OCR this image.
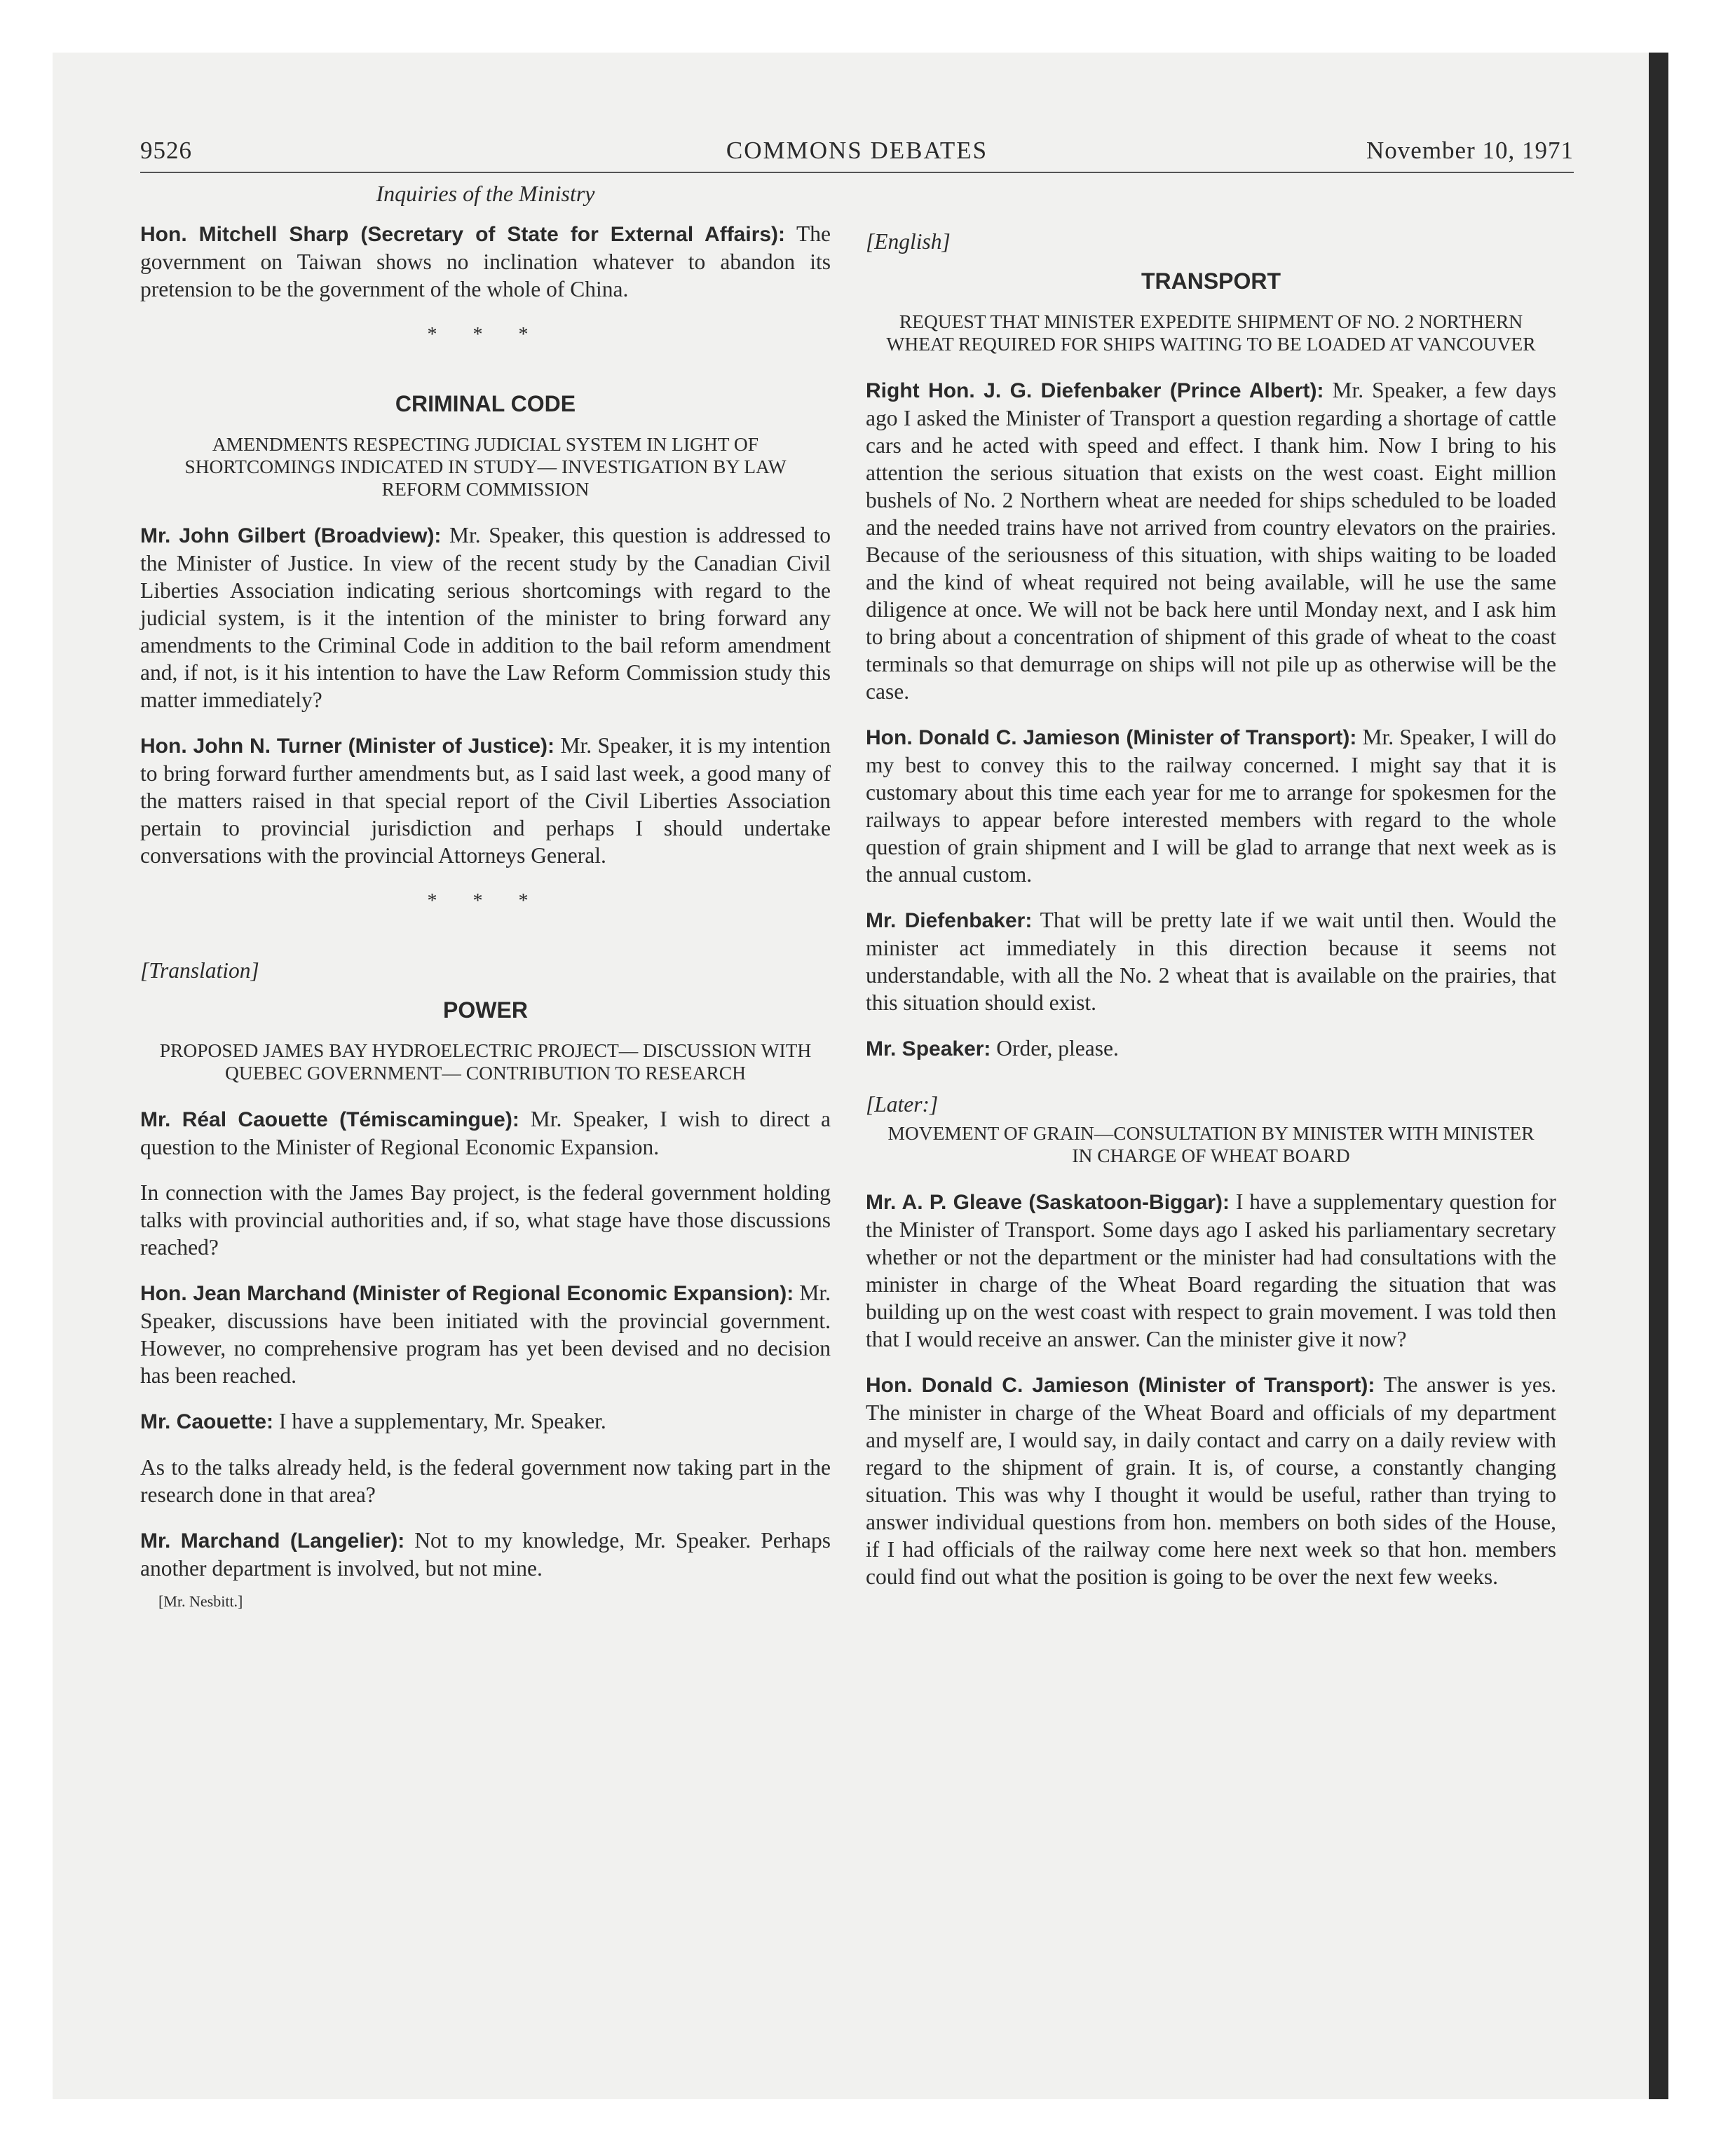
9526	COMMONS DEBATES	November 10, 1971
Inquiries of the Ministry

Hon. Mitchell Sharp (Secretary of State for External Affairs): The government on Taiwan shows no inclination whatever to abandon its pretension to be the government of the whole of China.

* * *
CRIMINAL CODE
AMENDMENTS RESPECTING JUDICIAL SYSTEM IN LIGHT OF SHORTCOMINGS INDICATED IN STUDY— INVESTIGATION BY LAW REFORM COMMISSION

Mr. John Gilbert (Broadview): Mr. Speaker, this question is addressed to the Minister of Justice. In view of the recent study by the Canadian Civil Liberties Association indicating serious shortcomings with regard to the judicial system, is it the intention of the minister to bring forward any amendments to the Criminal Code in addition to the bail reform amendment and, if not, is it his intention to have the Law Reform Commission study this matter immediately?

Hon. John N. Turner (Minister of Justice): Mr. Speaker, it is my intention to bring forward further amendments but, as I said last week, a good many of the matters raised in that special report of the Civil Liberties Association pertain to provincial jurisdiction and perhaps I should undertake conversations with the provincial Attorneys General.

* * *
[Translation]
POWER
PROPOSED JAMES BAY HYDROELECTRIC PROJECT— DISCUSSION WITH QUEBEC GOVERNMENT— CONTRIBUTION TO RESEARCH

Mr. Réal Caouette (Témiscamingue): Mr. Speaker, I wish to direct a question to the Minister of Regional Economic Expansion.

In connection with the James Bay project, is the federal government holding talks with provincial authorities and, if so, what stage have those discussions reached?

Hon. Jean Marchand (Minister of Regional Economic Expansion): Mr. Speaker, discussions have been initiated with the provincial government. However, no comprehensive program has yet been devised and no decision has been reached.

Mr. Caouette: I have a supplementary, Mr. Speaker.

As to the talks already held, is the federal government now taking part in the research done in that area?

Mr. Marchand (Langelier): Not to my knowledge, Mr. Speaker. Perhaps another department is involved, but not mine.

[Mr. Nesbitt.]
[English]
TRANSPORT
REQUEST THAT MINISTER EXPEDITE SHIPMENT OF NO. 2 NORTHERN WHEAT REQUIRED FOR SHIPS WAITING TO BE LOADED AT VANCOUVER

Right Hon. J. G. Diefenbaker (Prince Albert): Mr. Speaker, a few days ago I asked the Minister of Transport a question regarding a shortage of cattle cars and he acted with speed and effect. I thank him. Now I bring to his attention the serious situation that exists on the west coast. Eight million bushels of No. 2 Northern wheat are needed for ships scheduled to be loaded and the needed trains have not arrived from country elevators on the prairies. Because of the seriousness of this situation, with ships waiting to be loaded and the kind of wheat required not being available, will he use the same diligence at once. We will not be back here until Monday next, and I ask him to bring about a concentration of shipment of this grade of wheat to the coast terminals so that demurrage on ships will not pile up as otherwise will be the case.

Hon. Donald C. Jamieson (Minister of Transport): Mr. Speaker, I will do my best to convey this to the railway concerned. I might say that it is customary about this time each year for me to arrange for spokesmen for the railways to appear before interested members with regard to the whole question of grain shipment and I will be glad to arrange that next week as is the annual custom.

Mr. Diefenbaker: That will be pretty late if we wait until then. Would the minister act immediately in this direction because it seems not understandable, with all the No. 2 wheat that is available on the prairies, that this situation should exist.

Mr. Speaker: Order, please.

[Later:]
MOVEMENT OF GRAIN—CONSULTATION BY MINISTER WITH MINISTER IN CHARGE OF WHEAT BOARD

Mr. A. P. Gleave (Saskatoon-Biggar): I have a supplementary question for the Minister of Transport. Some days ago I asked his parliamentary secretary whether or not the department or the minister had had consultations with the minister in charge of the Wheat Board regarding the situation that was building up on the west coast with respect to grain movement. I was told then that I would receive an answer. Can the minister give it now?

Hon. Donald C. Jamieson (Minister of Transport): The answer is yes. The minister in charge of the Wheat Board and officials of my department and myself are, I would say, in daily contact and carry on a daily review with regard to the shipment of grain. It is, of course, a constantly changing situation. This was why I thought it would be useful, rather than trying to answer individual questions from hon. members on both sides of the House, if I had officials of the railway come here next week so that hon. members could find out what the position is going to be over the next few weeks.
